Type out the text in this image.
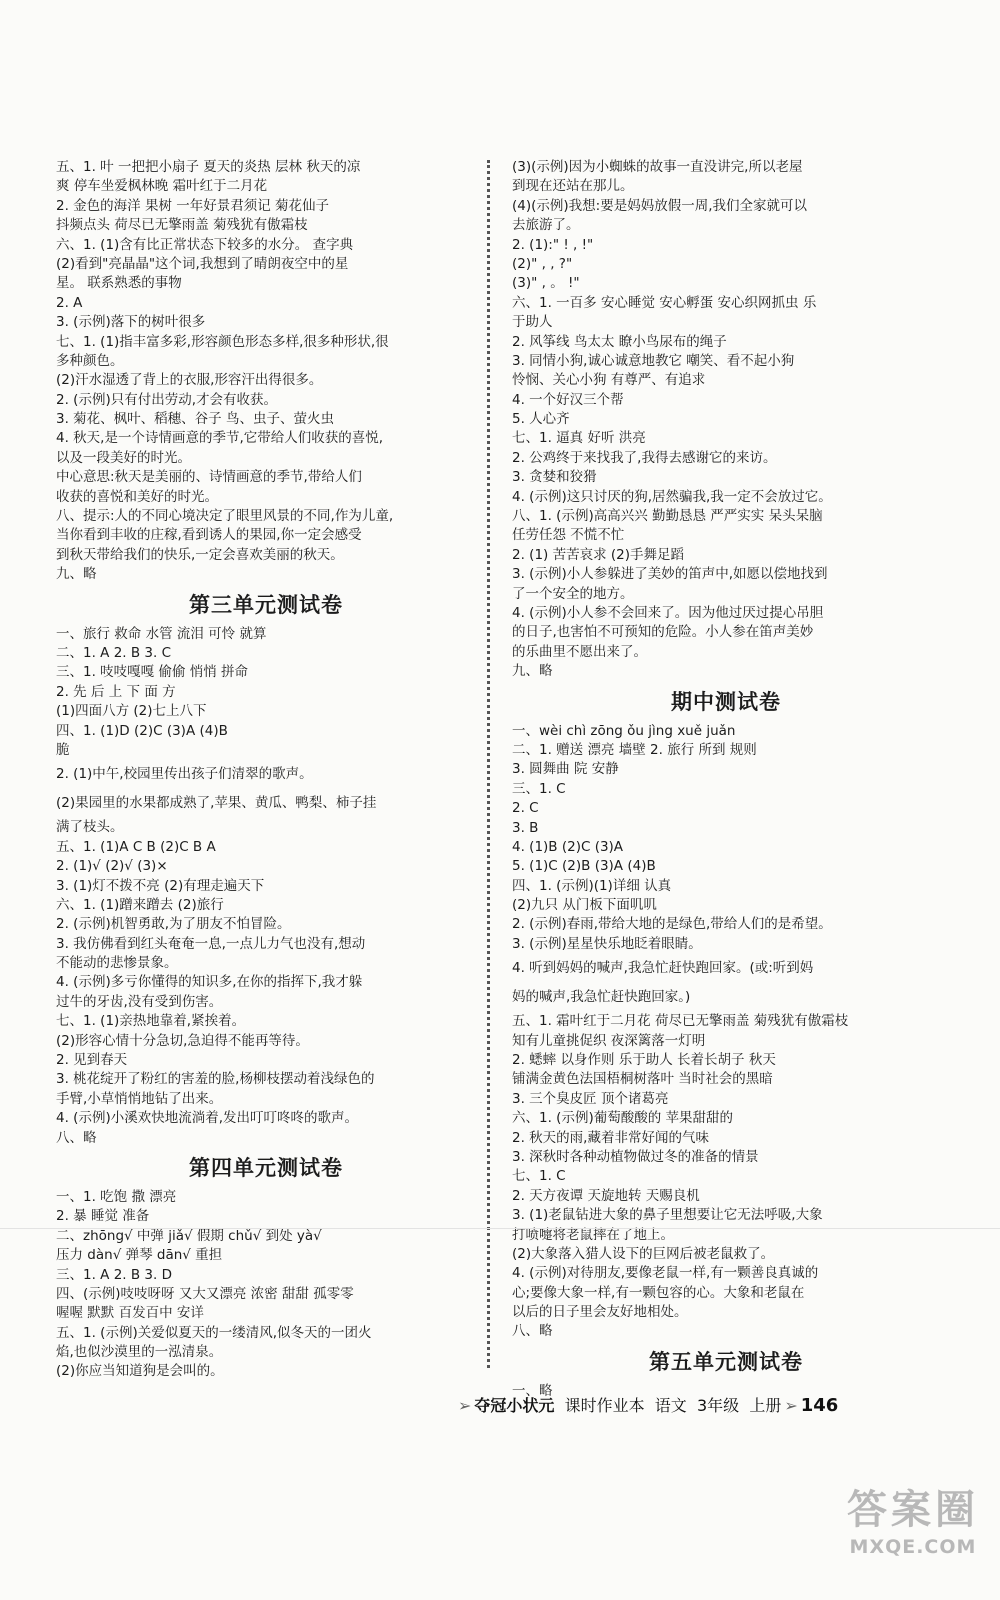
五、1. 叶 一把把小扇子 夏天的炎热 层林 秋天的凉
爽 停车坐爱枫林晚 霜叶红于二月花
2. 金色的海洋 果树 一年好景君须记 菊花仙子
抖频点头 荷尽已无擎雨盖 菊残犹有傲霜枝
六、1. (1)含有比正常状态下较多的水分。 查字典
(2)看到"亮晶晶"这个词,我想到了晴朗夜空中的星
星。 联系熟悉的事物
2. A
3. (示例)落下的树叶很多
七、1. (1)指丰富多彩,形容颜色形态多样,很多种形状,很
多种颜色。
(2)汗水湿透了背上的衣服,形容汗出得很多。
2. (示例)只有付出劳动,才会有收获。
3. 菊花、枫叶、稻穗、谷子 鸟、虫子、萤火虫
4. 秋天,是一个诗情画意的季节,它带给人们收获的喜悦,
以及一段美好的时光。
中心意思:秋天是美丽的、诗情画意的季节,带给人们
收获的喜悦和美好的时光。
八、提示:人的不同心境决定了眼里风景的不同,作为儿童,
当你看到丰收的庄稼,看到诱人的果园,你一定会感受
到秋天带给我们的快乐,一定会喜欢美丽的秋天。
九、略
第三单元测试卷
一、旅行 救命 水管 流泪 可怜 就算
二、1. A 2. B 3. C
三、1. 吱吱嘎嘎 偷偷 悄悄 拼命
2. 先 后 上 下 面 方
(1)四面八方 (2)七上八下
四、1. (1)D (2)C (3)A (4)B
脆
2. (1)中午,校园里传出孩子们清翠的歌声。
(2)果园里的水果都成熟了,苹果、黄瓜、鸭梨、柿子挂
满了枝头。
五、1. (1)A C B (2)C B A
2. (1)√ (2)√ (3)×
3. (1)灯不拨不亮 (2)有理走遍天下
六、1. (1)蹭来蹭去 (2)旅行
2. (示例)机智勇敢,为了朋友不怕冒险。
3. 我仿佛看到红头奄奄一息,一点儿力气也没有,想动
不能动的悲惨景象。
4. (示例)多亏你懂得的知识多,在你的指挥下,我才躲
过牛的牙齿,没有受到伤害。
七、1. (1)亲热地靠着,紧挨着。
(2)形容心情十分急切,急迫得不能再等待。
2. 见到春天
3. 桃花绽开了粉红的害羞的脸,杨柳枝摆动着浅绿色的
手臂,小草悄悄地钻了出来。
4. (示例)小溪欢快地流淌着,发出叮叮咚咚的歌声。
八、略
第四单元测试卷
一、1. 吃饱 撒 漂亮
2. 暴 睡觉 准备
二、zhōng√ 中弹 jiǎ√ 假期 chǔ√ 到处 yà√
压力 dàn√ 弹琴 dān√ 重担
三、1. A 2. B 3. D
四、(示例)吱吱呀呀 又大又漂亮 浓密 甜甜 孤零零
喔喔 默默 百发百中 安详
五、1. (示例)关爱似夏天的一缕清风,似冬天的一团火
焰,也似沙漠里的一泓清泉。
(2)你应当知道狗是会叫的。
(3)(示例)因为小蜘蛛的故事一直没讲完,所以老屋
到现在还站在那儿。
(4)(示例)我想:要是妈妈放假一周,我们全家就可以
去旅游了。
2. (1):" ! , !"
(2)" , , ?"
(3)" , 。 !"
六、1. 一百多 安心睡觉 安心孵蛋 安心织网抓虫 乐
于助人
2. 风筝线 鸟太太 瞭小鸟尿布的绳子
3. 同情小狗,诚心诚意地教它 嘲笑、看不起小狗
怜悯、关心小狗 有尊严、有追求
4. 一个好汉三个帮
5. 人心齐
七、1. 逼真 好听 洪亮
2. 公鸡终于来找我了,我得去感谢它的来访。
3. 贪婪和狡猾
4. (示例)这只讨厌的狗,居然骗我,我一定不会放过它。
八、1. (示例)高高兴兴 勤勤恳恳 严严实实 呆头呆脑
任劳任怨 不慌不忙
2. (1) 苦苦哀求 (2)手舞足蹈
3. (示例)小人参躲进了美妙的笛声中,如愿以偿地找到
了一个安全的地方。
4. (示例)小人参不会回来了。因为他过厌过提心吊胆
的日子,也害怕不可预知的危险。小人参在笛声美妙
的乐曲里不愿出来了。
九、略
期中测试卷
一、wèi chì zōng ǒu jìng xuě juǎn
二、1. 赠送 漂亮 墙壁 2. 旅行 所到 规则
3. 圆舞曲 院 安静
三、1. C
2. C
3. B
4. (1)B (2)C (3)A
5. (1)C (2)B (3)A (4)B
四、1. (示例)(1)详细 认真
(2)九只 从门板下面叽叽
2. (示例)春雨,带给大地的是绿色,带给人们的是希望。
3. (示例)星星快乐地眨着眼睛。
4. 听到妈妈的喊声,我急忙赶快跑回家。(或:听到妈
妈的喊声,我急忙赶快跑回家。)
五、1. 霜叶红于二月花 荷尽已无擎雨盖 菊残犹有傲霜枝
知有儿童挑促织 夜深篱落一灯明
2. 蟋蟀 以身作则 乐于助人 长着长胡子 秋天
铺满金黄色法国梧桐树落叶 当时社会的黑暗
3. 三个臭皮匠 顶个诸葛亮
六、1. (示例)葡萄酸酸的 苹果甜甜的
2. 秋天的雨,藏着非常好闻的气味
3. 深秋时各种动植物做过冬的准备的情景
七、1. C
2. 天方夜谭 天旋地转 天赐良机
3. (1)老鼠钻进大象的鼻子里想要让它无法呼吸,大象
打喷嚏将老鼠摔在了地上。
(2)大象落入猎人设下的巨网后被老鼠救了。
4. (示例)对待朋友,要像老鼠一样,有一颗善良真诚的
心;要像大象一样,有一颗包容的心。大象和老鼠在
以后的日子里会友好地相处。
八、略
第五单元测试卷
一、略
➢ 夺冠小状元 课时作业本 语文 3年级 上册 ➢ 146
答案圈
MXQE.COM
